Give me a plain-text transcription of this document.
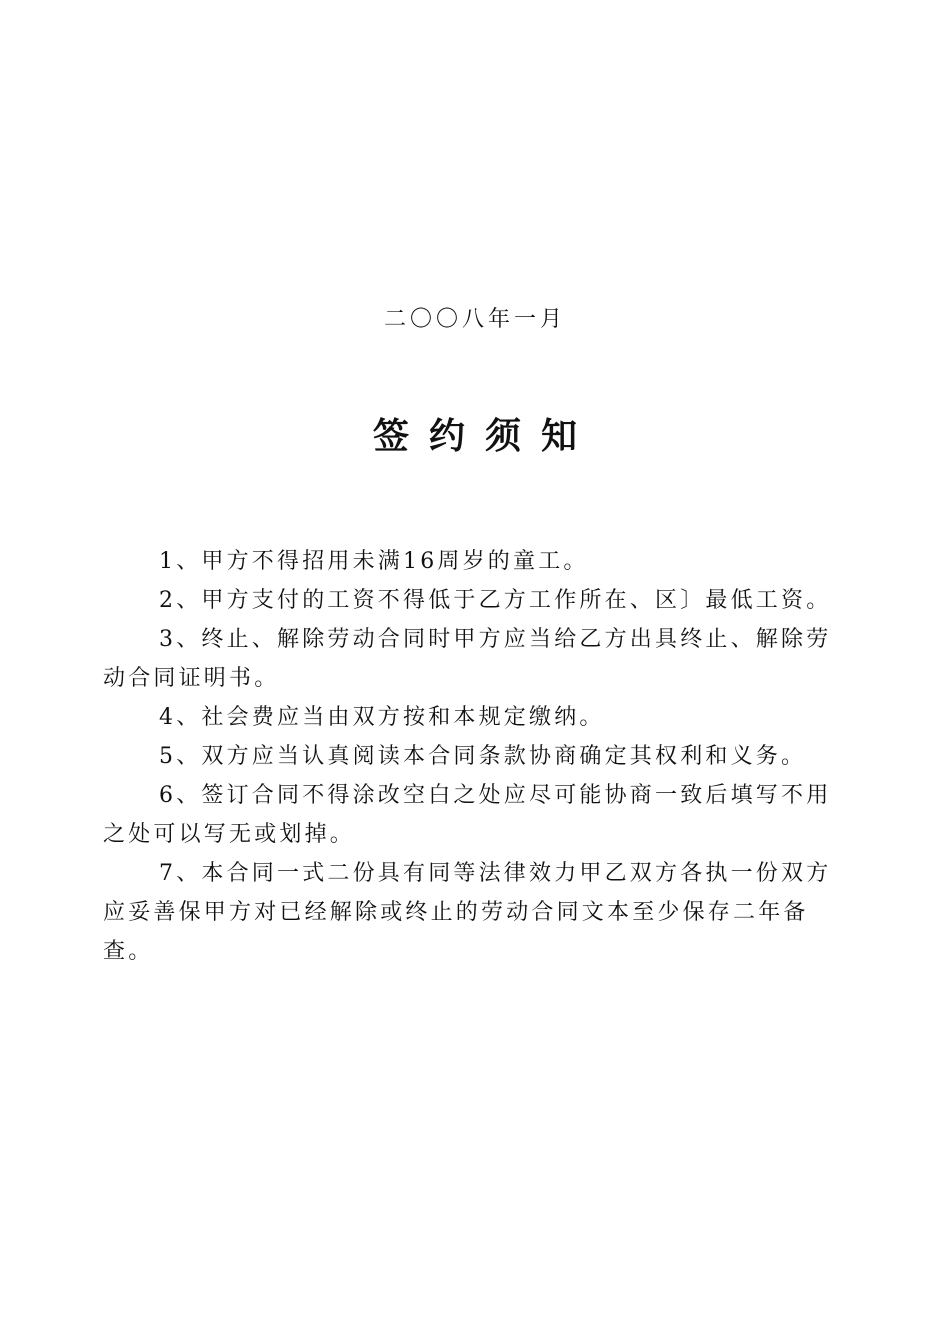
二〇〇八年一月
签约须知

1、甲方不得招用未满16周岁的童工。

2、甲方支付的工资不得低于乙方工作所在、区〕最低工资。

3、终止、解除劳动合同时甲方应当给乙方出具终止、解除劳动合同证明书。

4、社会费应当由双方按和本规定缴纳。

5、双方应当认真阅读本合同条款协商确定其权利和义务。

6、签订合同不得涂改空白之处应尽可能协商一致后填写不用之处可以写无或划掉。

7、本合同一式二份具有同等法律效力甲乙双方各执一份双方应妥善保甲方对已经解除或终止的劳动合同文本至少保存二年备查。
